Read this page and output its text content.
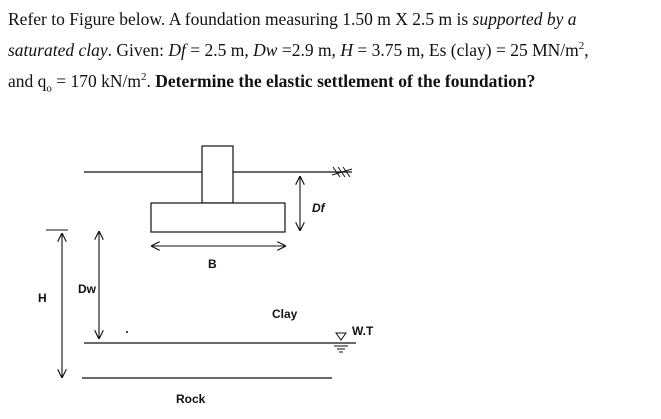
Refer to Figure below. A foundation measuring 1.50 m X 2.5 m is supported by a
saturated clay. Given: Df = 2.5 m, Dw =2.9 m, H = 3.75 m, Es (clay) = 25 $MN/m^2$,
and $q_o = 170$ $kN/m^2$. Determine the elastic settlement of the foundation?
Df
B
H
Dw
Clay
W.T
Rock
